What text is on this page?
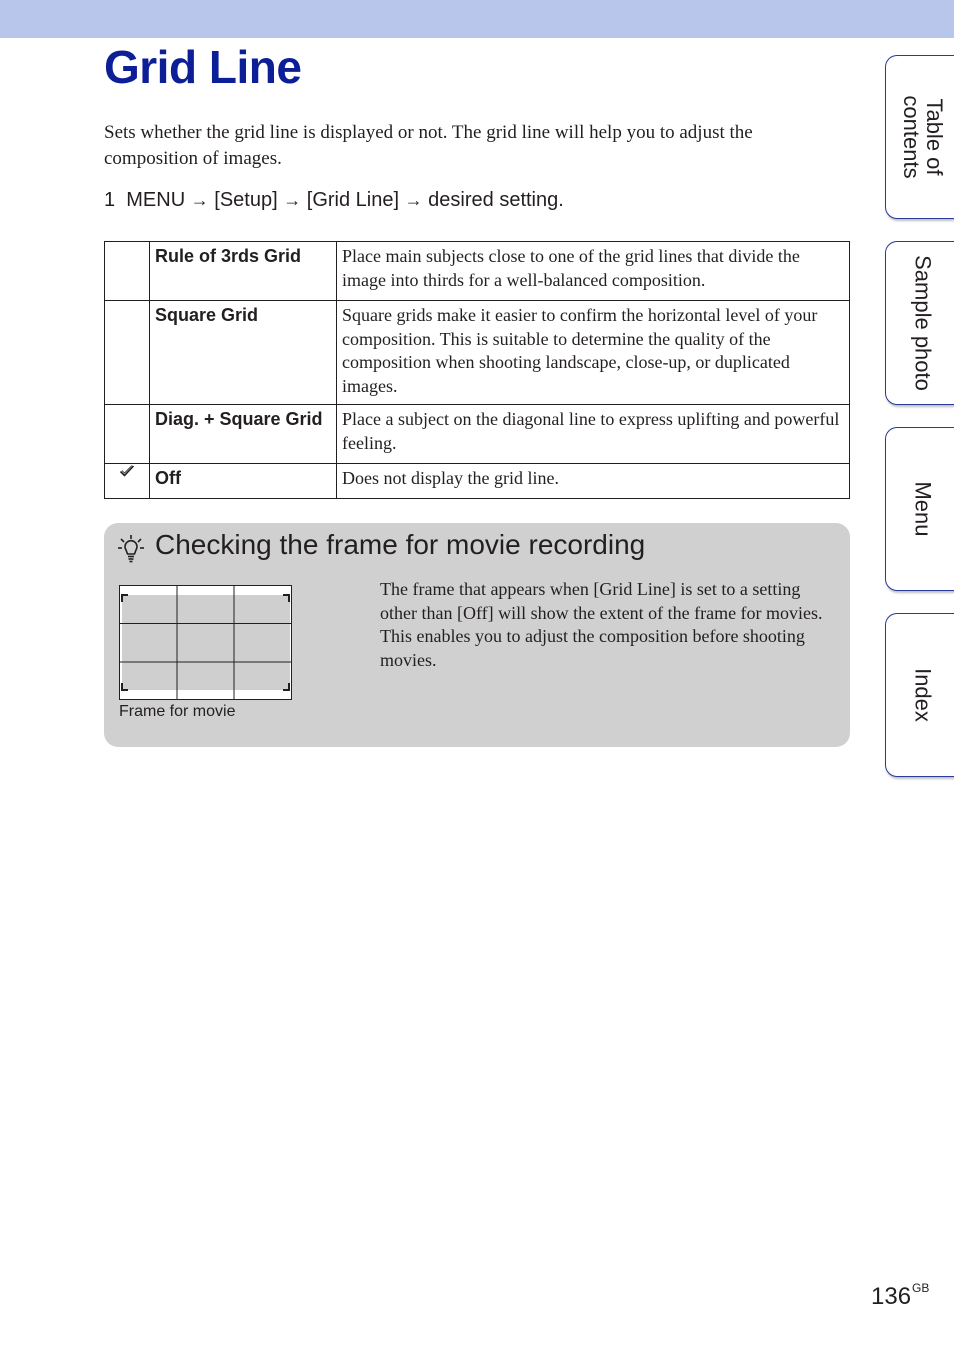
Grid Line

Sets whether the grid line is displayed or not. The grid line will help you to adjust the composition of images.

1 MENU → [Setup] → [Grid Line] → desired setting.

	Rule of 3rds Grid	Place main subjects close to one of the grid lines that divide the image into thirds for a well-balanced composition.
	Square Grid	Square grids make it easier to confirm the horizontal level of your composition. This is suitable to determine the quality of the composition when shooting landscape, close-up, or duplicated images.
	Diag. + Square Grid	Place a subject on the diagonal line to express uplifting and powerful feeling.

	Off	Does not display the grid line.
Checking the frame for movie recording
Frame for movie

The frame that appears when [Grid Line] is set to a setting other than [Off] will show the extent of the frame for movies. This enables you to adjust the composition before shooting movies.

Table of
contents
Sample photo
Menu
Index
$136^{GB}$
